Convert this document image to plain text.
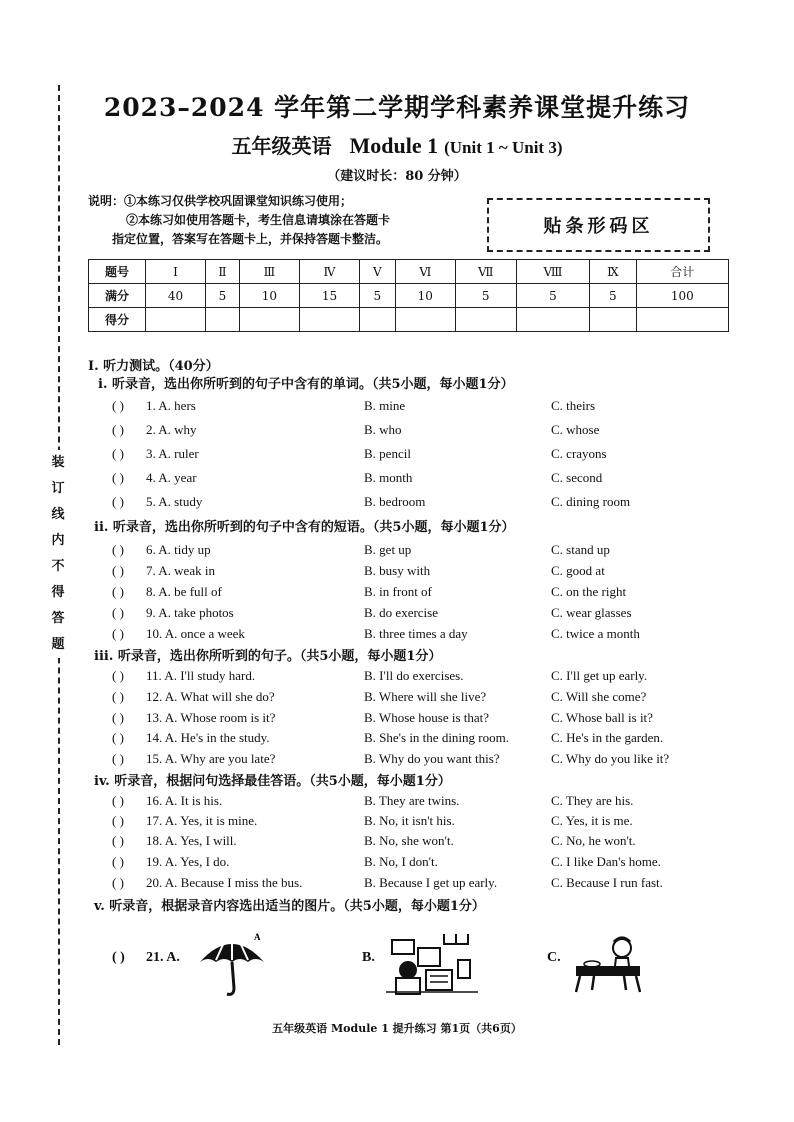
装
订
线
内
不
得
答
题
2023–2024 学年第二学期学科素养课堂提升练习
五年级英语 Module 1 (Unit 1 ~ Unit 3)
（建议时长：80 分钟）
说明：①本练习仅供学校巩固课堂知识练习使用；
②本练习如使用答题卡，考生信息请填涂在答题卡
指定位置，答案写在答题卡上，并保持答题卡整洁。
贴条形码区
题号	Ⅰ	Ⅱ	Ⅲ	Ⅳ	Ⅴ	Ⅵ	Ⅶ	Ⅷ	Ⅸ	合计
满分	40	5	10	15	5	10	5	5	5	100
得分										
Ⅰ. 听力测试。（40分）
i. 听录音，选出你所听到的句子中含有的单词。（共5小题，每小题1分）
( ) 1. A. hers	B. mine	C. theirs
( ) 2. A. why	B. who	C. whose
( ) 3. A. ruler	B. pencil	C. crayons
( ) 4. A. year	B. month	C. second
( ) 5. A. study	B. bedroom	C. dining room
ii. 听录音，选出你所听到的句子中含有的短语。（共5小题，每小题1分）
( ) 6. A. tidy up	B. get up	C. stand up
( ) 7. A. weak in	B. busy with	C. good at
( ) 8. A. be full of	B. in front of	C. on the right
( ) 9. A. take photos	B. do exercise	C. wear glasses
( ) 10. A. once a week	B. three times a day	C. twice a month
iii. 听录音，选出你所听到的句子。（共5小题，每小题1分）
( ) 11. A. I'll study hard.	B. I'll do exercises.	C. I'll get up early.
( ) 12. A. What will she do?	B. Where will she live?	C. Will she come?
( ) 13. A. Whose room is it?	B. Whose house is that?	C. Whose ball is it?
( ) 14. A. He's in the study.	B. She's in the dining room.	C. He's in the garden.
( ) 15. A. Why are you late?	B. Why do you want this?	C. Why do you like it?
iv. 听录音，根据问句选择最佳答语。（共5小题，每小题1分）
( ) 16. A. It is his.	B. They are twins.	C. They are his.
( ) 17. A. Yes, it is mine.	B. No, it isn't his.	C. Yes, it is me.
( ) 18. A. Yes, I will.	B. No, she won't.	C. No, he won't.
( ) 19. A. Yes, I do.	B. No, I don't.	C. I like Dan's home.
( ) 20. A. Because I miss the bus.	B. Because I get up early.	C. Because I run fast.
v. 听录音，根据录音内容选出适当的图片。（共5小题，每小题1分）
( ) 21. A.
A
B.	C.
五年级英语 Module 1 提升练习 第1页（共6页）
